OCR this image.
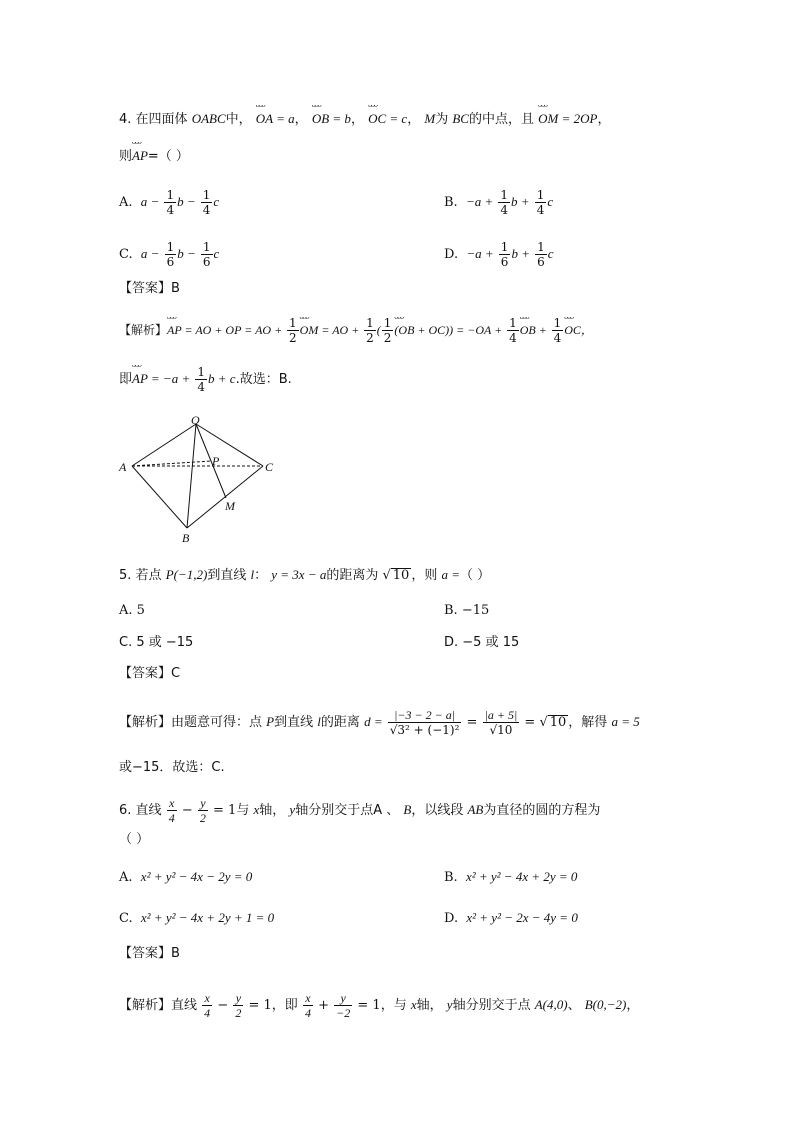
4. 在四面体 OABC中， ᴗᴗᴗ OA = a， ᴗᴗᴗ OB = b， ᴗᴗᴗ OC = c， M为 BC的中点，且 ᴗᴗᴗ OM = 2OP，
则ᴗᴗᴗ AP=（ ）
A. $a - \frac{1}{4}$ $b - \frac{1}{4}$ c	B. $-a + \frac{1}{4}$ $b + \frac{1}{4}$ c
C. $a - \frac{1}{6}$ $b - \frac{1}{6}$ c	D. $-a + \frac{1}{6}$ $b + \frac{1}{6}$ c
【答案】B
【解析】ᴗᴗᴗ AP = AO + OP = AO + $\frac{1}{2}$ ᴗᴗᴗ OM = AO + $\frac{1}{2}$ ( $\frac{1}{2}$ ᴗᴗᴗ $(OB + OC)) = -OA + \frac{1}{4}$ ᴗᴗᴗ OB + $\frac{1}{4}$ ᴗᴗᴗ OC，
即ᴗᴗᴗ AP = $-a + \frac{1}{4}$ b + c.故选：B.
O
A	C
P
M
B
5. 若点 P(−1,2)到直线 l： y = 3x − a的距离为 √ 10 ，则 a =（ ）
A. 5	B. −15
C. 5 或 −15	D. −5 或 15
【答案】C
【解析】由题意可得：点 P到直线 l的距离 $d = \frac{|-3 - 2 - a|}{\text{√3² + (−1)²}} = \frac{|a + 5|}{√10}$ = √ 10 ，解得 a = 5
或−15．故选：C.
6. 直线 $\frac{x}{4} - \frac{y}{2} = 1$与 x轴， y轴分别交于点A 、 B，以线段 AB为直径的圆的方程为
（ ）
A. x² + y² − 4x − 2y = 0	B. x² + y² − 4x + 2y = 0
C. x² + y² − 4x + 2y + 1 = 0	D. x² + y² − 2x − 4y = 0
【答案】B
【解析】直线 $\frac{x}{4} - \frac{y}{2} = 1$，即 $\frac{x}{4} + \frac{y}{-2} = 1$，与 x轴， y轴分别交于点 A(4,0)、 B(0,−2)，
